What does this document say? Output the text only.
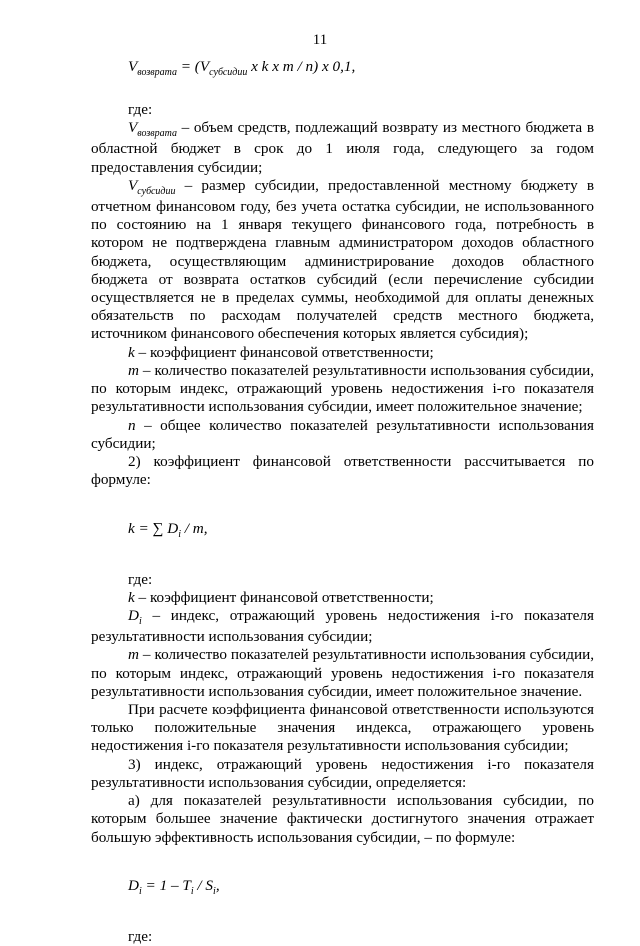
11
$V_{возврата} = (V_{субсидии}$ x k x m / n) x 0,1,

где:

$V_{возврата}$ – объем средств, подлежащий возврату из местного бюджета в областной бюджет в срок до 1 июля года, следующего за годом предоставления субсидии;

$V_{субсидии}$ – размер субсидии, предоставленной местному бюджету в отчетном финансовом году, без учета остатка субсидии, не использованного по состоянию на 1 января текущего финансового года, потребность в котором не подтверждена главным администратором доходов областного бюджета, осуществляющим администрирование доходов областного бюджета от возврата остатков субсидий (если перечисление субсидии осуществляется не в пределах суммы, необходимой для оплаты денежных обязательств по расходам получателей средств местного бюджета, источником финансового обеспечения которых является субсидия);

k – коэффициент финансовой ответственности;

m – количество показателей результативности использования субсидии, по которым индекс, отражающий уровень недостижения i-го показателя результативности использования субсидии, имеет положительное значение;

n – общее количество показателей результативности использования субсидии;

2) коэффициент финансовой ответственности рассчитывается по формуле:

k = ∑ $D_i$ / m,

где:

k – коэффициент финансовой ответственности;

$D_i$ – индекс, отражающий уровень недостижения i-го показателя результативности использования субсидии;

m – количество показателей результативности использования субсидии, по которым индекс, отражающий уровень недостижения i-го показателя результативности использования субсидии, имеет положительное значение.

При расчете коэффициента финансовой ответственности используются только положительные значения индекса, отражающего уровень недостижения i-го показателя результативности использования субсидии;

3) индекс, отражающий уровень недостижения i-го показателя результативности использования субсидии, определяется:

а) для показателей результативности использования субсидии, по которым большее значение фактически достигнутого значения отражает большую эффективность использования субсидии, – по формуле:

$D_i = 1 - T_i / S_i$,

где:
